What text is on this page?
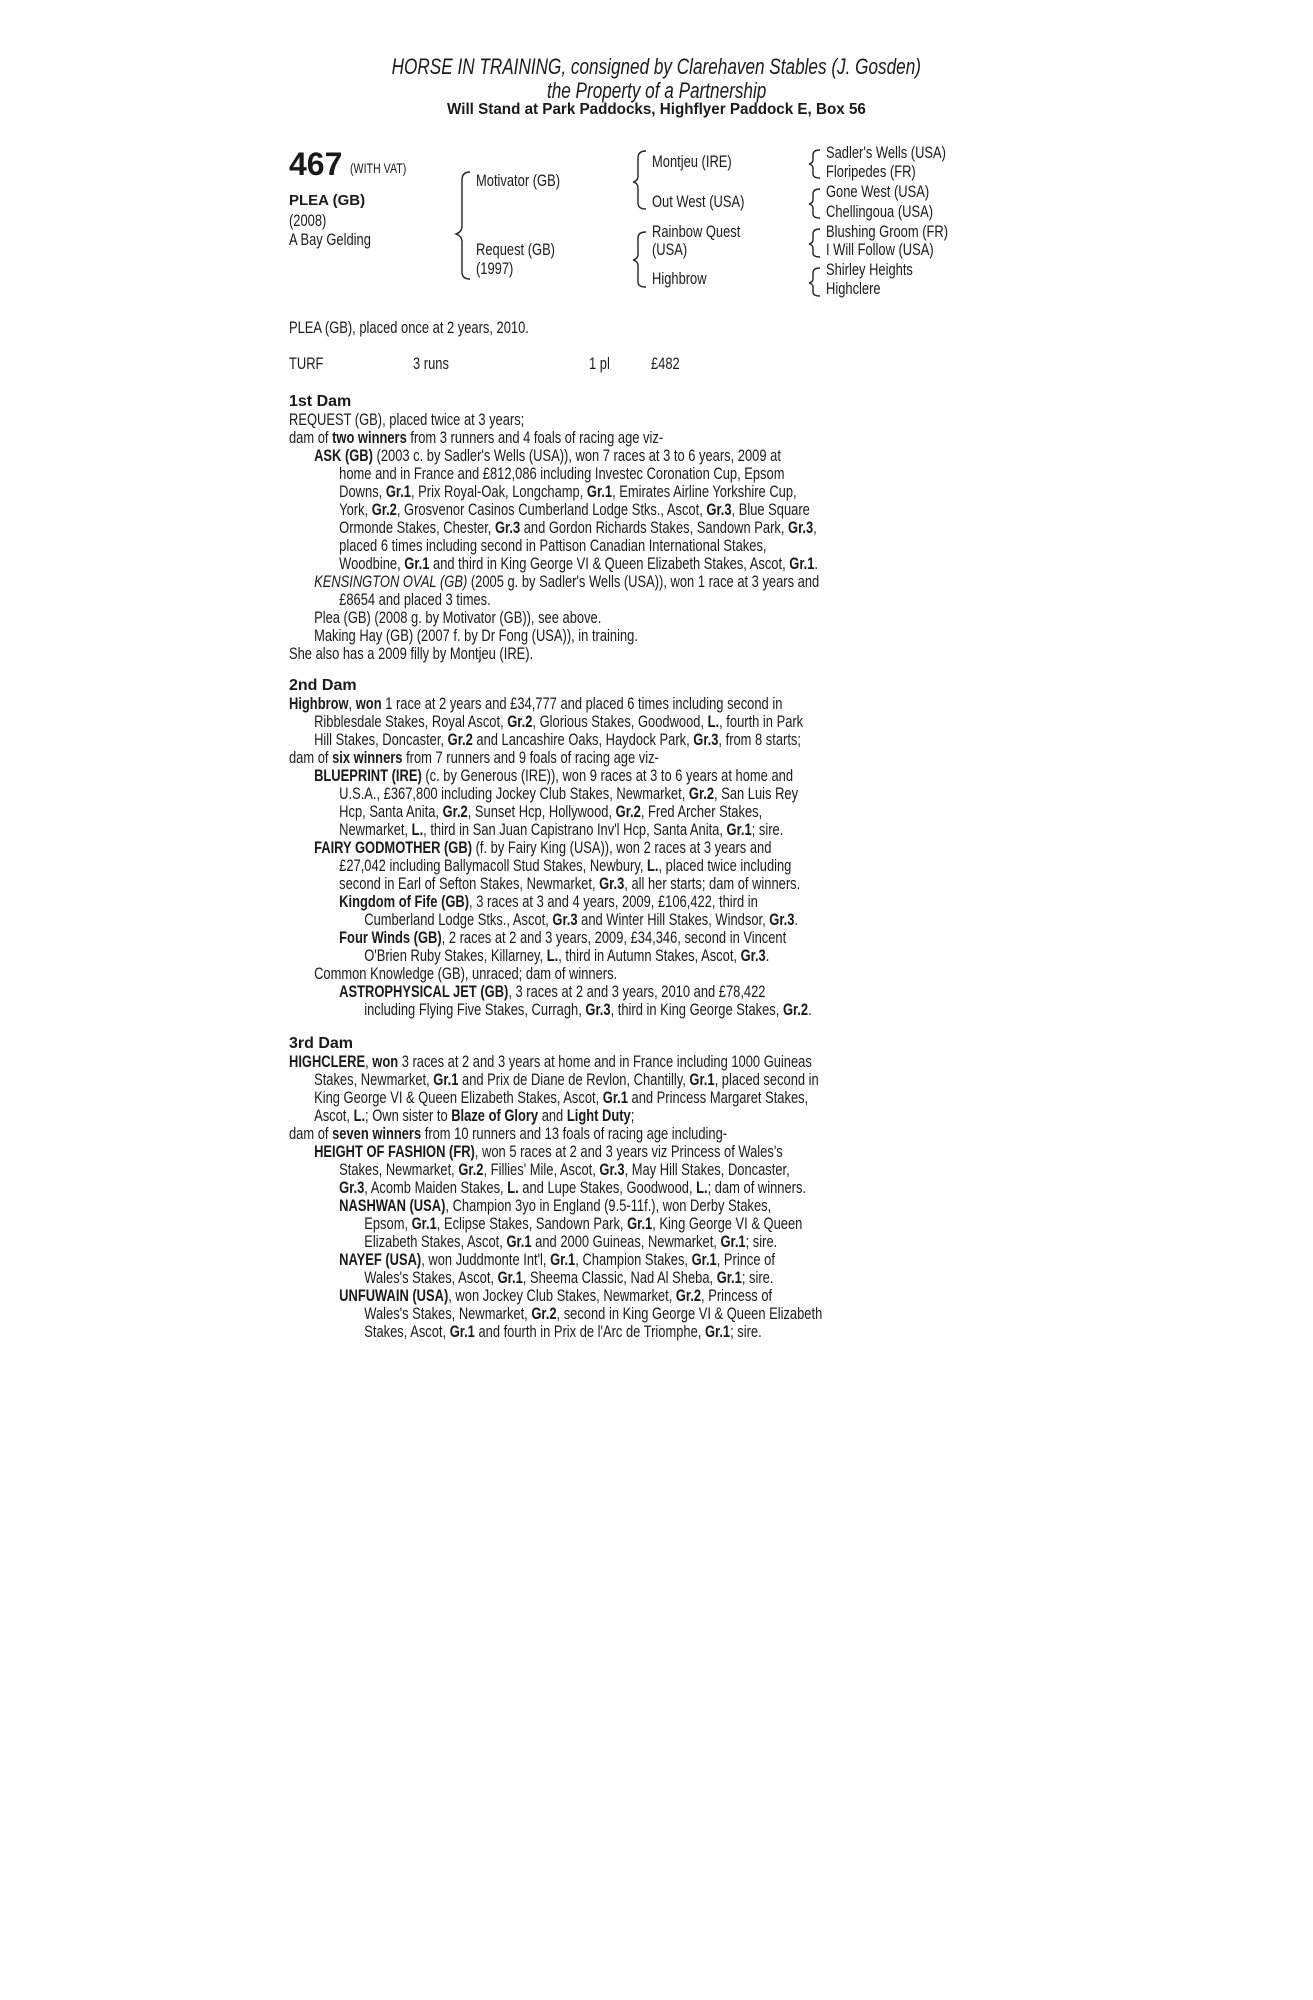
HORSE IN TRAINING, consigned by Clarehaven Stables (J. Gosden)
the Property of a Partnership
Will Stand at Park Paddocks, Highflyer Paddock E, Box 56
467 (WITH VAT)
PLEA (GB)
(2008)
A Bay Gelding
Motivator (GB)
Request (GB)
(1997)
Montjeu (IRE)
Out West (USA)
Rainbow Quest
(USA)
Highbrow
Sadler's Wells (USA)
Floripedes (FR)
Gone West (USA)
Chellingoua (USA)
Blushing Groom (FR)
I Will Follow (USA)
Shirley Heights
Highclere
PLEA (GB), placed once at 2 years, 2010.
TURF	3 runs	1 pl	£482
1st Dam
REQUEST (GB), placed twice at 3 years;
dam of two winners from 3 runners and 4 foals of racing age viz-
ASK (GB) (2003 c. by Sadler's Wells (USA)), won 7 races at 3 to 6 years, 2009 at
home and in France and £812,086 including Investec Coronation Cup, Epsom
Downs, Gr.1, Prix Royal-Oak, Longchamp, Gr.1, Emirates Airline Yorkshire Cup,
York, Gr.2, Grosvenor Casinos Cumberland Lodge Stks., Ascot, Gr.3, Blue Square
Ormonde Stakes, Chester, Gr.3 and Gordon Richards Stakes, Sandown Park, Gr.3,
placed 6 times including second in Pattison Canadian International Stakes,
Woodbine, Gr.1 and third in King George VI & Queen Elizabeth Stakes, Ascot, Gr.1.
KENSINGTON OVAL (GB) (2005 g. by Sadler's Wells (USA)), won 1 race at 3 years and
£8654 and placed 3 times.
Plea (GB) (2008 g. by Motivator (GB)), see above.
Making Hay (GB) (2007 f. by Dr Fong (USA)), in training.
She also has a 2009 filly by Montjeu (IRE).
2nd Dam
Highbrow, won 1 race at 2 years and £34,777 and placed 6 times including second in
Ribblesdale Stakes, Royal Ascot, Gr.2, Glorious Stakes, Goodwood, L., fourth in Park
Hill Stakes, Doncaster, Gr.2 and Lancashire Oaks, Haydock Park, Gr.3, from 8 starts;
dam of six winners from 7 runners and 9 foals of racing age viz-
BLUEPRINT (IRE) (c. by Generous (IRE)), won 9 races at 3 to 6 years at home and
U.S.A., £367,800 including Jockey Club Stakes, Newmarket, Gr.2, San Luis Rey
Hcp, Santa Anita, Gr.2, Sunset Hcp, Hollywood, Gr.2, Fred Archer Stakes,
Newmarket, L., third in San Juan Capistrano Inv'l Hcp, Santa Anita, Gr.1; sire.
FAIRY GODMOTHER (GB) (f. by Fairy King (USA)), won 2 races at 3 years and
£27,042 including Ballymacoll Stud Stakes, Newbury, L., placed twice including
second in Earl of Sefton Stakes, Newmarket, Gr.3, all her starts; dam of winners.
Kingdom of Fife (GB), 3 races at 3 and 4 years, 2009, £106,422, third in
Cumberland Lodge Stks., Ascot, Gr.3 and Winter Hill Stakes, Windsor, Gr.3.
Four Winds (GB), 2 races at 2 and 3 years, 2009, £34,346, second in Vincent
O'Brien Ruby Stakes, Killarney, L., third in Autumn Stakes, Ascot, Gr.3.
Common Knowledge (GB), unraced; dam of winners.
ASTROPHYSICAL JET (GB), 3 races at 2 and 3 years, 2010 and £78,422
including Flying Five Stakes, Curragh, Gr.3, third in King George Stakes, Gr.2.
3rd Dam
HIGHCLERE, won 3 races at 2 and 3 years at home and in France including 1000 Guineas
Stakes, Newmarket, Gr.1 and Prix de Diane de Revlon, Chantilly, Gr.1, placed second in
King George VI & Queen Elizabeth Stakes, Ascot, Gr.1 and Princess Margaret Stakes,
Ascot, L.; Own sister to Blaze of Glory and Light Duty;
dam of seven winners from 10 runners and 13 foals of racing age including-
HEIGHT OF FASHION (FR), won 5 races at 2 and 3 years viz Princess of Wales's
Stakes, Newmarket, Gr.2, Fillies' Mile, Ascot, Gr.3, May Hill Stakes, Doncaster,
Gr.3, Acomb Maiden Stakes, L. and Lupe Stakes, Goodwood, L.; dam of winners.
NASHWAN (USA), Champion 3yo in England (9.5-11f.), won Derby Stakes,
Epsom, Gr.1, Eclipse Stakes, Sandown Park, Gr.1, King George VI & Queen
Elizabeth Stakes, Ascot, Gr.1 and 2000 Guineas, Newmarket, Gr.1; sire.
NAYEF (USA), won Juddmonte Int'l, Gr.1, Champion Stakes, Gr.1, Prince of
Wales's Stakes, Ascot, Gr.1, Sheema Classic, Nad Al Sheba, Gr.1; sire.
UNFUWAIN (USA), won Jockey Club Stakes, Newmarket, Gr.2, Princess of
Wales's Stakes, Newmarket, Gr.2, second in King George VI & Queen Elizabeth
Stakes, Ascot, Gr.1 and fourth in Prix de l'Arc de Triomphe, Gr.1; sire.
